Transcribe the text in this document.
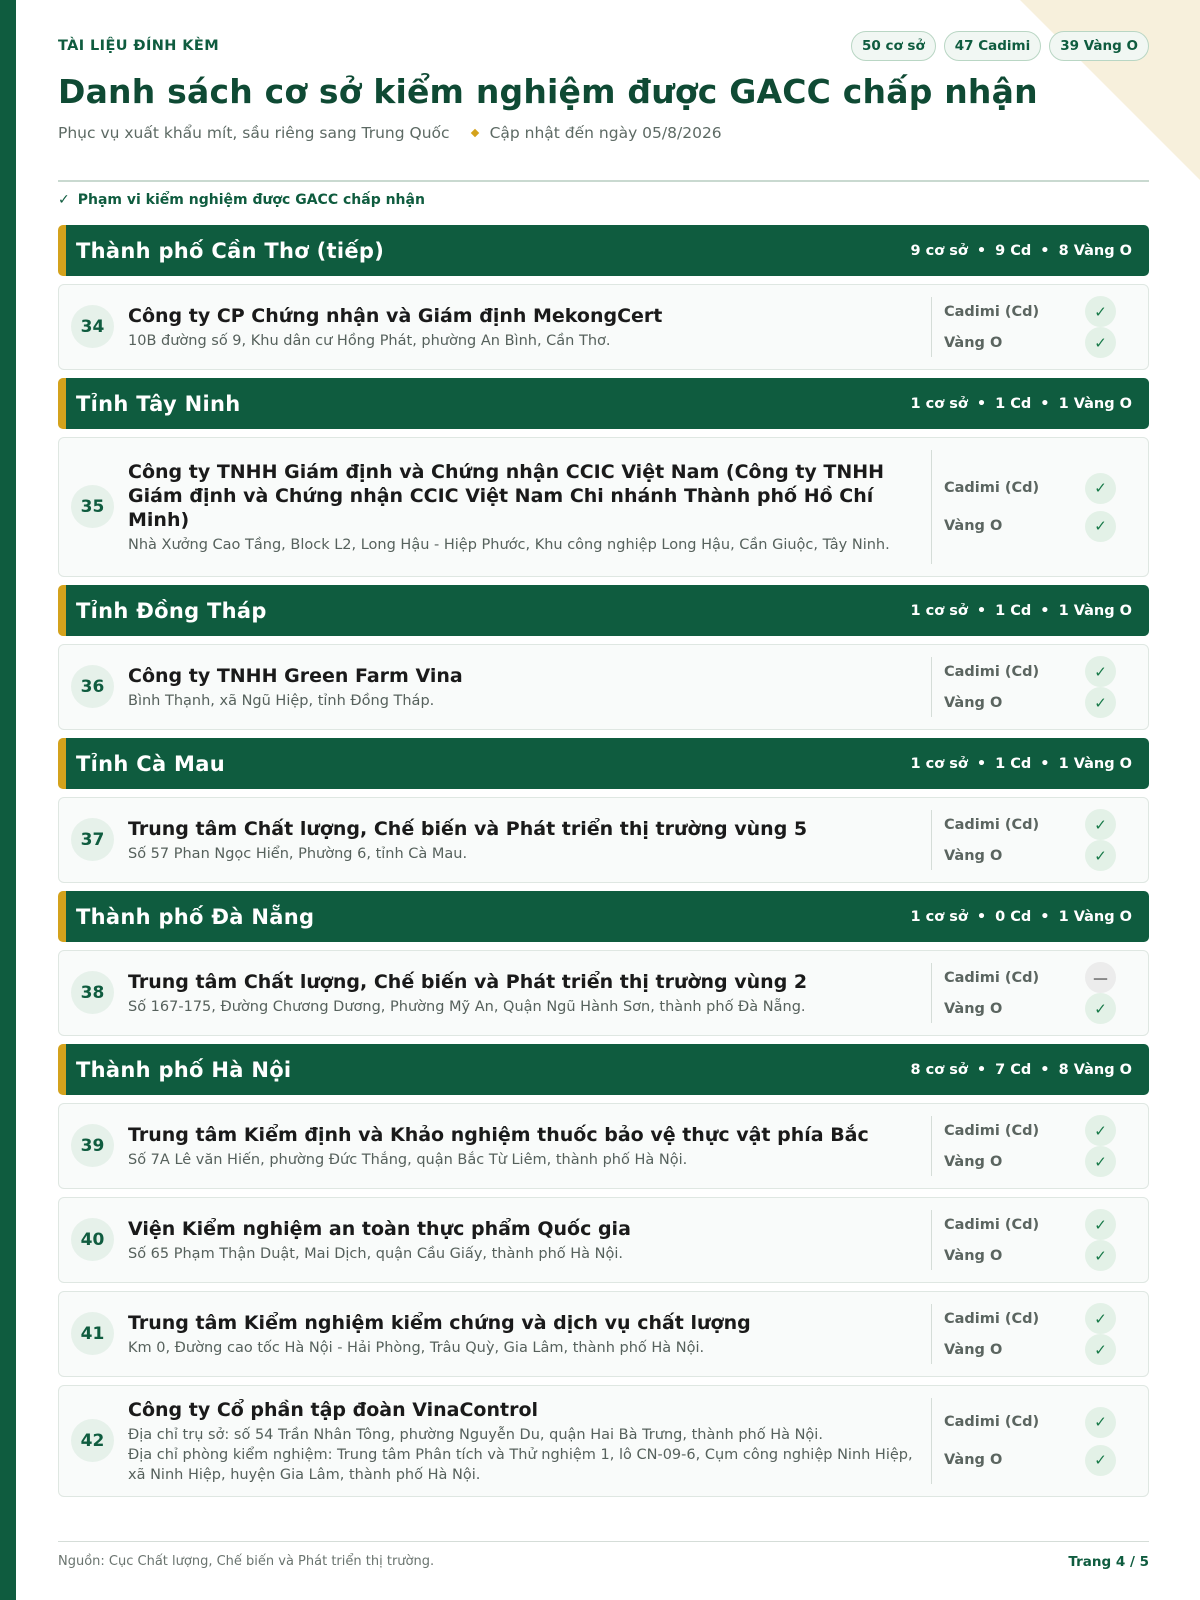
TÀI LIỆU ĐÍNH KÈM	50 cơ sở	47 Cadimi	39 Vàng O
Danh sách cơ sở kiểm nghiệm được GACC chấp nhận
Phục vụ xuất khẩu mít, sầu riêng sang Trung Quốc	Cập nhật đến ngày 05/8/2026
✓ Phạm vi kiểm nghiệm được GACC chấp nhận
Thành phố Cần Thơ (tiếp)	9 cơ sở • 9 Cd • 8 Vàng O
34	Công ty CP Chứng nhận và Giám định MekongCert
10B đường số 9, Khu dân cư Hồng Phát, phường An Bình, Cần Thơ.
Cadimi (Cd)	✓
Vàng O	✓
Tỉnh Tây Ninh	1 cơ sở • 1 Cd • 1 Vàng O
35
Công ty TNHH Giám định và Chứng nhận CCIC Việt Nam (Công ty TNHH Giám định và Chứng nhận CCIC Việt Nam Chi nhánh Thành phố Hồ Chí Minh)
Nhà Xưởng Cao Tầng, Block L2, Long Hậu - Hiệp Phước, Khu công nghiệp Long Hậu, Cần Giuộc, Tây Ninh.
Cadimi (Cd)	✓
Vàng O	✓
Tỉnh Đồng Tháp	1 cơ sở • 1 Cd • 1 Vàng O
36	Công ty TNHH Green Farm Vina
Bình Thạnh, xã Ngũ Hiệp, tỉnh Đồng Tháp.
Cadimi (Cd)	✓
Vàng O	✓
Tỉnh Cà Mau	1 cơ sở • 1 Cd • 1 Vàng O
37	Trung tâm Chất lượng, Chế biến và Phát triển thị trường vùng 5
Số 57 Phan Ngọc Hiển, Phường 6, tỉnh Cà Mau.
Cadimi (Cd)	✓
Vàng O	✓
Thành phố Đà Nẵng	1 cơ sở • 0 Cd • 1 Vàng O
38	Trung tâm Chất lượng, Chế biến và Phát triển thị trường vùng 2
Số 167-175, Đường Chương Dương, Phường Mỹ An, Quận Ngũ Hành Sơn, thành phố Đà Nẵng.
Cadimi (Cd)	—
Vàng O	✓
Thành phố Hà Nội	8 cơ sở • 7 Cd • 8 Vàng O
39	Trung tâm Kiểm định và Khảo nghiệm thuốc bảo vệ thực vật phía Bắc
Số 7A Lê văn Hiến, phường Đức Thắng, quận Bắc Từ Liêm, thành phố Hà Nội.
Cadimi (Cd)	✓
Vàng O	✓
40	Viện Kiểm nghiệm an toàn thực phẩm Quốc gia
Số 65 Phạm Thận Duật, Mai Dịch, quận Cầu Giấy, thành phố Hà Nội.
Cadimi (Cd)	✓
Vàng O	✓
41	Trung tâm Kiểm nghiệm kiểm chứng và dịch vụ chất lượng
Km 0, Đường cao tốc Hà Nội - Hải Phòng, Trâu Quỳ, Gia Lâm, thành phố Hà Nội.
Cadimi (Cd)	✓
Vàng O	✓
42
Công ty Cổ phần tập đoàn VinaControl
Địa chỉ trụ sở: số 54 Trần Nhân Tông, phường Nguyễn Du, quận Hai Bà Trưng, thành phố Hà Nội.
Địa chỉ phòng kiểm nghiệm: Trung tâm Phân tích và Thử nghiệm 1, lô CN-09-6, Cụm công nghiệp Ninh Hiệp, xã Ninh Hiệp, huyện Gia Lâm, thành phố Hà Nội.
Cadimi (Cd)	✓
Vàng O	✓
Nguồn: Cục Chất lượng, Chế biến và Phát triển thị trường.	Trang 4 / 5
